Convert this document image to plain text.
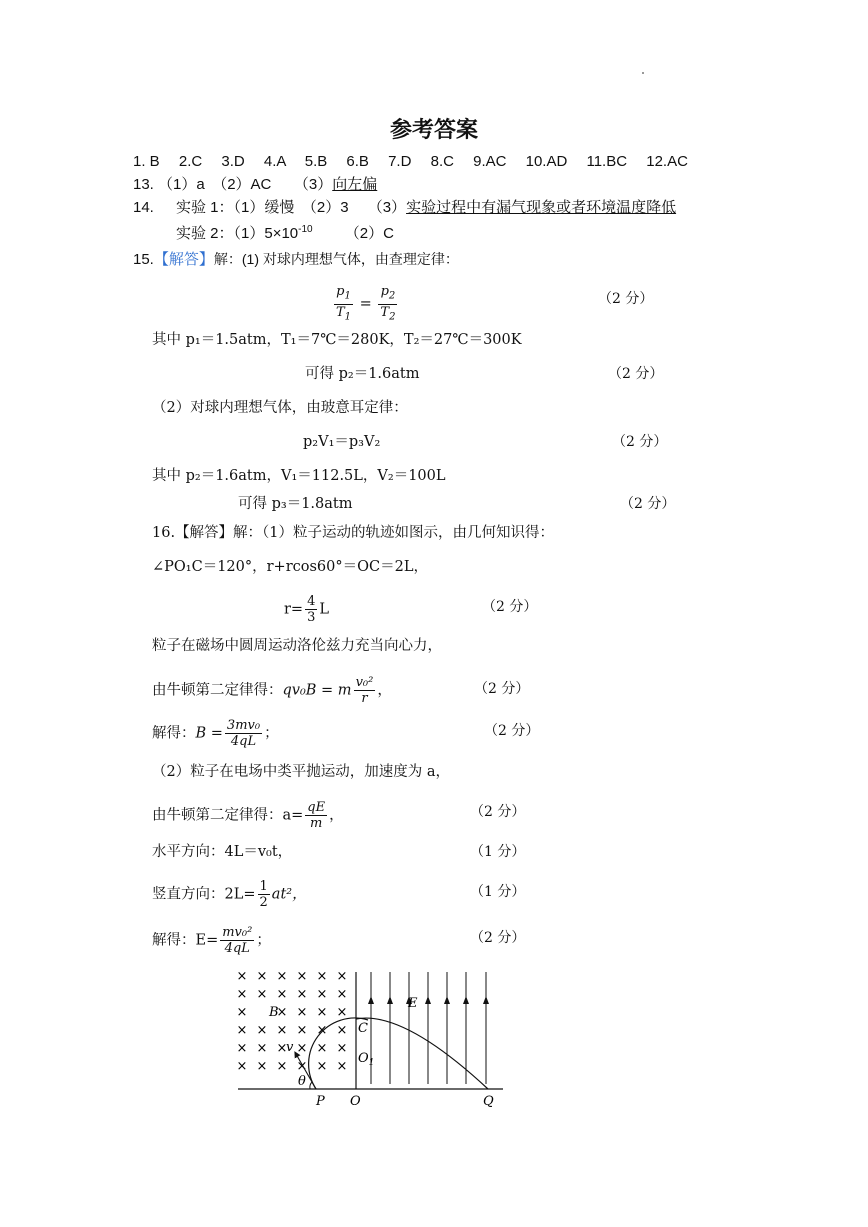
参考答案
1. B　 2.C　 3.D　 4.A　 5.B　 6.B　 7.D　 8.C　 9.AC　 10.AD　 11.BC　 12.AC
13. （1）a　（2）AC　　（3）向左偏
14. 实验 1：（1）缓慢　（2）3　 （3）实验过程中有漏气现象或者环境温度降低
实验 2：$(1)5\times 10^{-10}$ （2）C
15.【解答】解：(1) 对球内理想气体，由查理定律：
$\frac{p_1}{T_1} = \frac{p_2}{T_2}$	（2 分）
其中 p₁＝1.5atm，T₁＝7℃＝280K，T₂＝27℃＝300K
可得 p₂＝1.6atm	（2 分）
（2）对球内理想气体，由玻意耳定律：
p₂V₁＝p₃V₂	（2 分）
其中 p₂＝1.6atm，V₁＝112.5L，V₂＝100L
可得 p₃＝1.8atm	（2 分）
16.【解答】解：（1）粒子运动的轨迹如图示，由几何知识得：
∠PO₁C＝120°，r+rcos60°＝OC＝2L，
$r= \frac{4}{3}$ L	（2 分）
粒子在磁场中圆周运动洛伦兹力充当向心力，
由牛顿第二定律得：qv₀B = m $\frac{\text{v₀²}}{r}$ ，	（2 分）
解得：$B = \frac{\text{3mv₀}}{4qL}$ ；	（2 分）
（2）粒子在电场中类平抛运动，加速度为 a，
由牛顿第二定律得：$a= \frac{qE}{m}$ ，	（2 分）
水平方向：4L＝v₀t，	（1 分）
竖直方向：$2L= \frac{1}{2} at^2$，	（1 分）
解得：$E= \frac{\text{mv₀²}}{4qL}$ ；	（2 分）
× × × × × ×
× × × × × ×
× × × × ×
× × × × × ×
× × × × × ×
× × × × × ×
B
E
C
$O_1$
v
θ
P O	Q
